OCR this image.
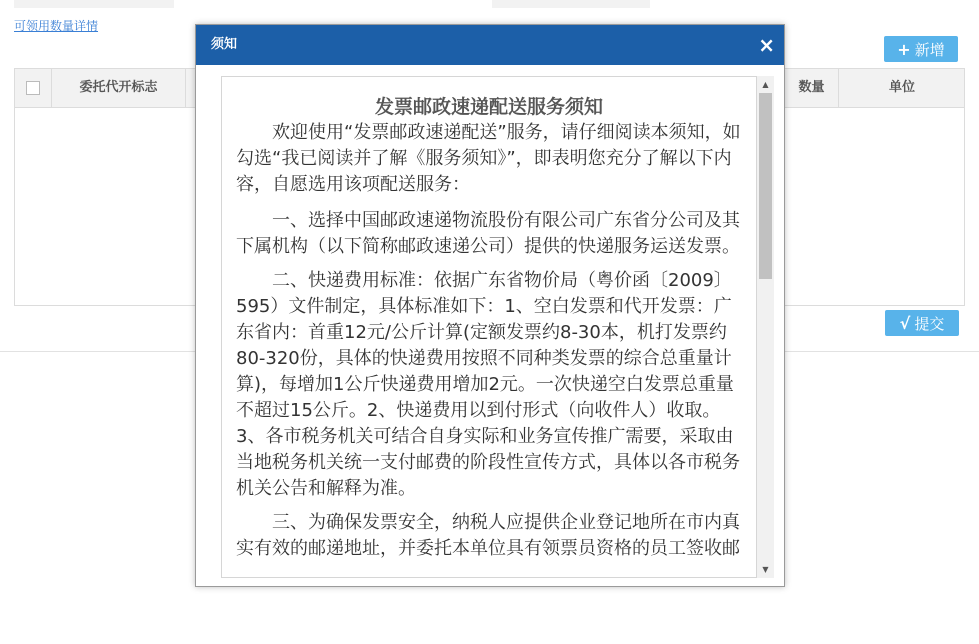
可领用数量详情
+ 新增
委托代开标志	数量	单位
√ 提交
须知	×
发票邮政速递配送服务须知

欢迎使用“发票邮政速递配送”服务，请仔细阅读本须知，如勾选“我已阅读并了解《服务须知》”，即表明您充分了解以下内容，自愿选用该项配送服务：

一、选择中国邮政速递物流股份有限公司广东省分公司及其下属机构（以下简称邮政速递公司）提供的快递服务运送发票。

二、快递费用标准：依据广东省物价局（粤价函〔2009〕595）文件制定，具体标准如下：1、空白发票和代开发票：广东省内：首重12元/公斤计算(定额发票约8-30本，机打发票约80-320份，具体的快递费用按照不同种类发票的综合总重量计算)，每增加1公斤快递费用增加2元。一次快递空白发票总重量不超过15公斤。2、快递费用以到付形式（向收件人）收取。

3、各市税务机关可结合自身实际和业务宣传推广需要，采取由当地税务机关统一支付邮费的阶段性宣传方式，具体以各市税务机关公告和解释为准。

三、为确保发票安全，纳税人应提供企业登记地所在市内真实有效的邮递地址，并委托本单位具有领票员资格的员工签收邮

▲
▼
